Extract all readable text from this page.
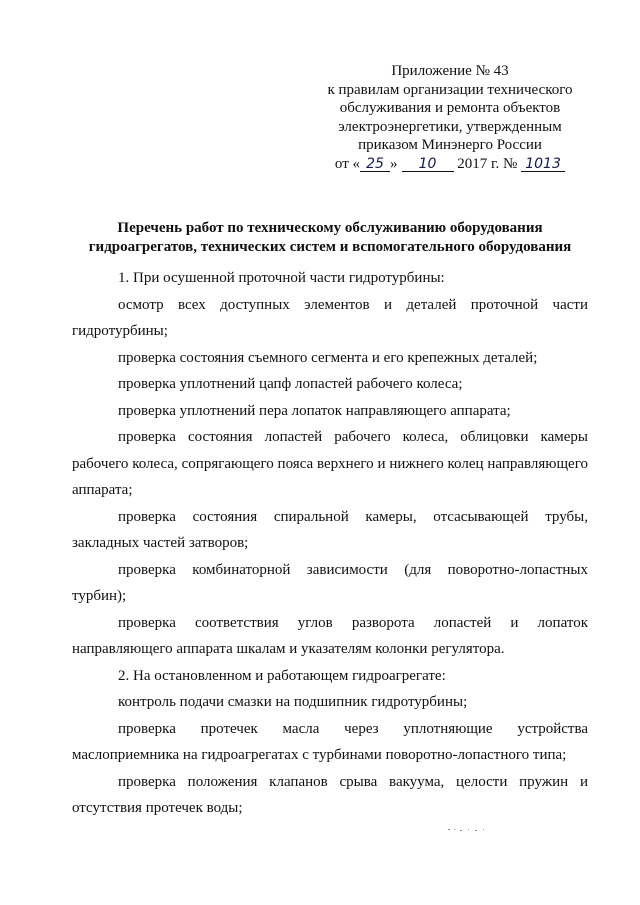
Приложение № 43
к правилам организации технического
обслуживания и ремонта объектов
электроэнергетики, утвержденным
приказом Минэнерго России
от « 25 » 10 2017 г. № 1013
Перечень работ по техническому обслуживанию оборудования
гидроагрегатов, технических систем и вспомогательного оборудования

1. При осушенной проточной части гидротурбины:

осмотр всех доступных элементов и деталей проточной части гидротурбины;

проверка состояния съемного сегмента и его крепежных деталей;

проверка уплотнений цапф лопастей рабочего колеса;

проверка уплотнений пера лопаток направляющего аппарата;

проверка состояния лопастей рабочего колеса, облицовки камеры рабочего колеса, сопрягающего пояса верхнего и нижнего колец направляющего аппарата;

проверка состояния спиральной камеры, отсасывающей трубы, закладных частей затворов;

проверка комбинаторной зависимости (для поворотно-лопастных турбин);

проверка соответствия углов разворота лопастей и лопаток направляющего аппарата шкалам и указателям колонки регулятора.

2. На остановленном и работающем гидроагрегате:

контроль подачи смазки на подшипник гидротурбины;

проверка протечек масла через уплотняющие устройства маслоприемника на гидроагрегатах с турбинами поворотно-лопастного типа;

проверка положения клапанов срыва вакуума, целости пружин и отсутствия протечек воды;
